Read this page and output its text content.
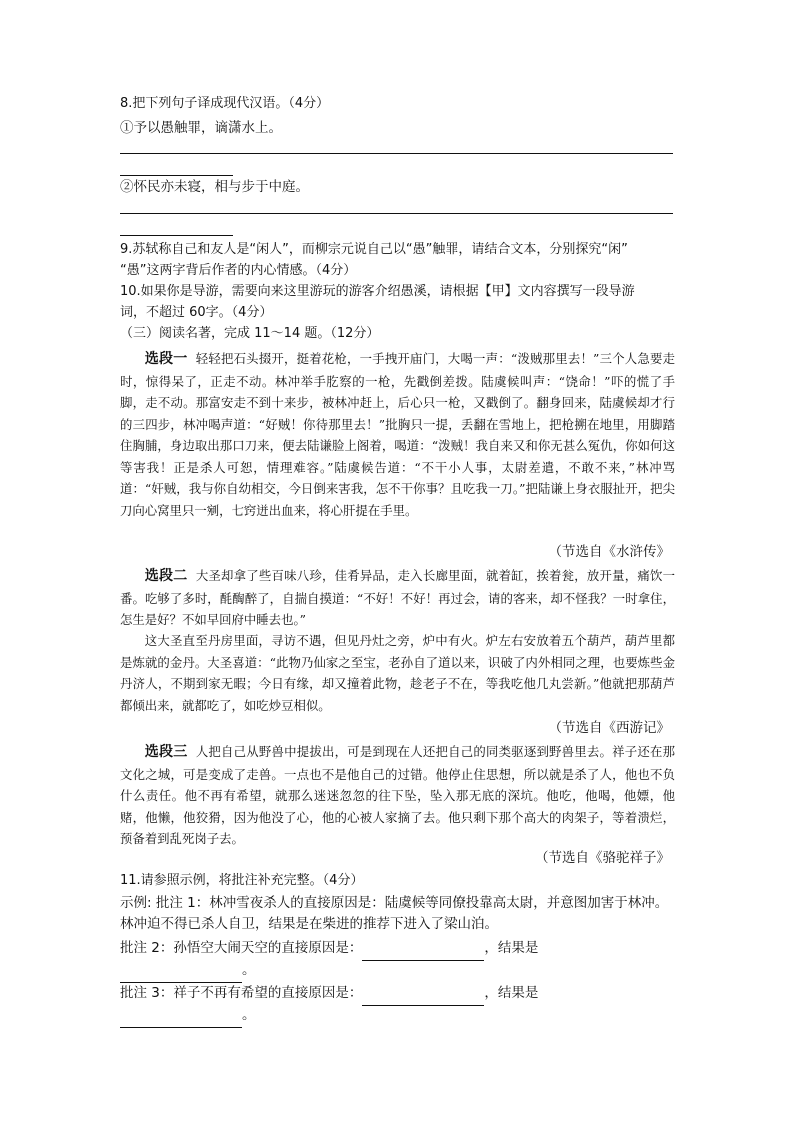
8.把下列句子译成现代汉语。（4分）
①予以愚触罪，谪潇水上。
②怀民亦未寝，相与步于中庭。
9.苏轼称自己和友人是“闲人”，而柳宗元说自己以“愚”触罪，请结合文本，分别探究“闲”
“愚”这两字背后作者的内心情感。（4分）
10.如果你是导游，需要向来这里游玩的游客介绍愚溪，请根据【甲】文内容撰写一段导游
词，不超过 60字。（4分）
（三）阅读名著，完成 11～14 题。（12分）
选段一 轻轻把石头掇开，挺着花枪，一手拽开庙门，大喝一声：“泼贼那里去！”三个人急要走时，惊得呆了，正走不动。林冲举手肐察的一枪，先戳倒差拨。陆虞候叫声：“饶命！”吓的慌了手脚，走不动。那富安走不到十来步，被林冲赶上，后心只一枪，又戳倒了。翻身回来，陆虞候却才行的三四步，林冲喝声道：“好贼！你待那里去！”批胸只一提，丢翻在雪地上，把枪搠在地里，用脚踏住胸脯，身边取出那口刀来，便去陆谦脸上阁着，喝道：“泼贼！我自来又和你无甚么冤仇，你如何这等害我！正是杀人可恕，情理难容。”陆虞候告道：“不干小人事，太尉差遣，不敢不来，”林冲骂道：“奸贼，我与你自幼相交，今日倒来害我，怎不干你事？且吃我一刀。”把陆谦上身衣服扯开，把尖刀向心窝里只一剜，七窍迸出血来，将心肝提在手里。
（节选自《水浒传》
选段二 大圣却拿了些百味八珍，佳肴异品，走入长廊里面，就着缸，挨着瓮，放开量，痛饮一番。吃够了多时，酕醄醉了，自揣自摸道：“不好！不好！再过会，请的客来，却不怪我？一时拿住，怎生是好？不如早回府中睡去也。”
这大圣直至丹房里面，寻访不遇，但见丹灶之旁，炉中有火。炉左右安放着五个葫芦，葫芦里都是炼就的金丹。大圣喜道：“此物乃仙家之至宝，老孙自了道以来，识破了内外相同之理，也要炼些金丹济人，不期到家无暇；今日有缘，却又撞着此物，趁老子不在，等我吃他几丸尝新。”他就把那葫芦都倾出来，就都吃了，如吃炒豆相似。
（节选自《西游记》
选段三 人把自己从野兽中提拔出，可是到现在人还把自己的同类驱逐到野兽里去。祥子还在那文化之城，可是变成了走兽。一点也不是他自己的过错。他停止住思想，所以就是杀了人，他也不负什么责任。他不再有希望，就那么迷迷忽忽的往下坠，坠入那无底的深坑。他吃，他喝，他嫖，他赌，他懒，他狡猾，因为他没了心，他的心被人家摘了去。他只剩下那个高大的肉架子，等着溃烂，预备着到乱死岗子去。
（节选自《骆驼祥子》
11.请参照示例，将批注补充完整。（4分）
示例: 批注 1：林冲雪夜杀人的直接原因是：陆虞候等同僚投靠高太尉，并意图加害于林冲。林冲迫不得已杀人自卫，结果是在柴进的推荐下进入了梁山泊。
批注 2：孙悟空大闹天空的直接原因是：	，结果是
。
批注 3：祥子不再有希望的直接原因是：	，结果是
。
